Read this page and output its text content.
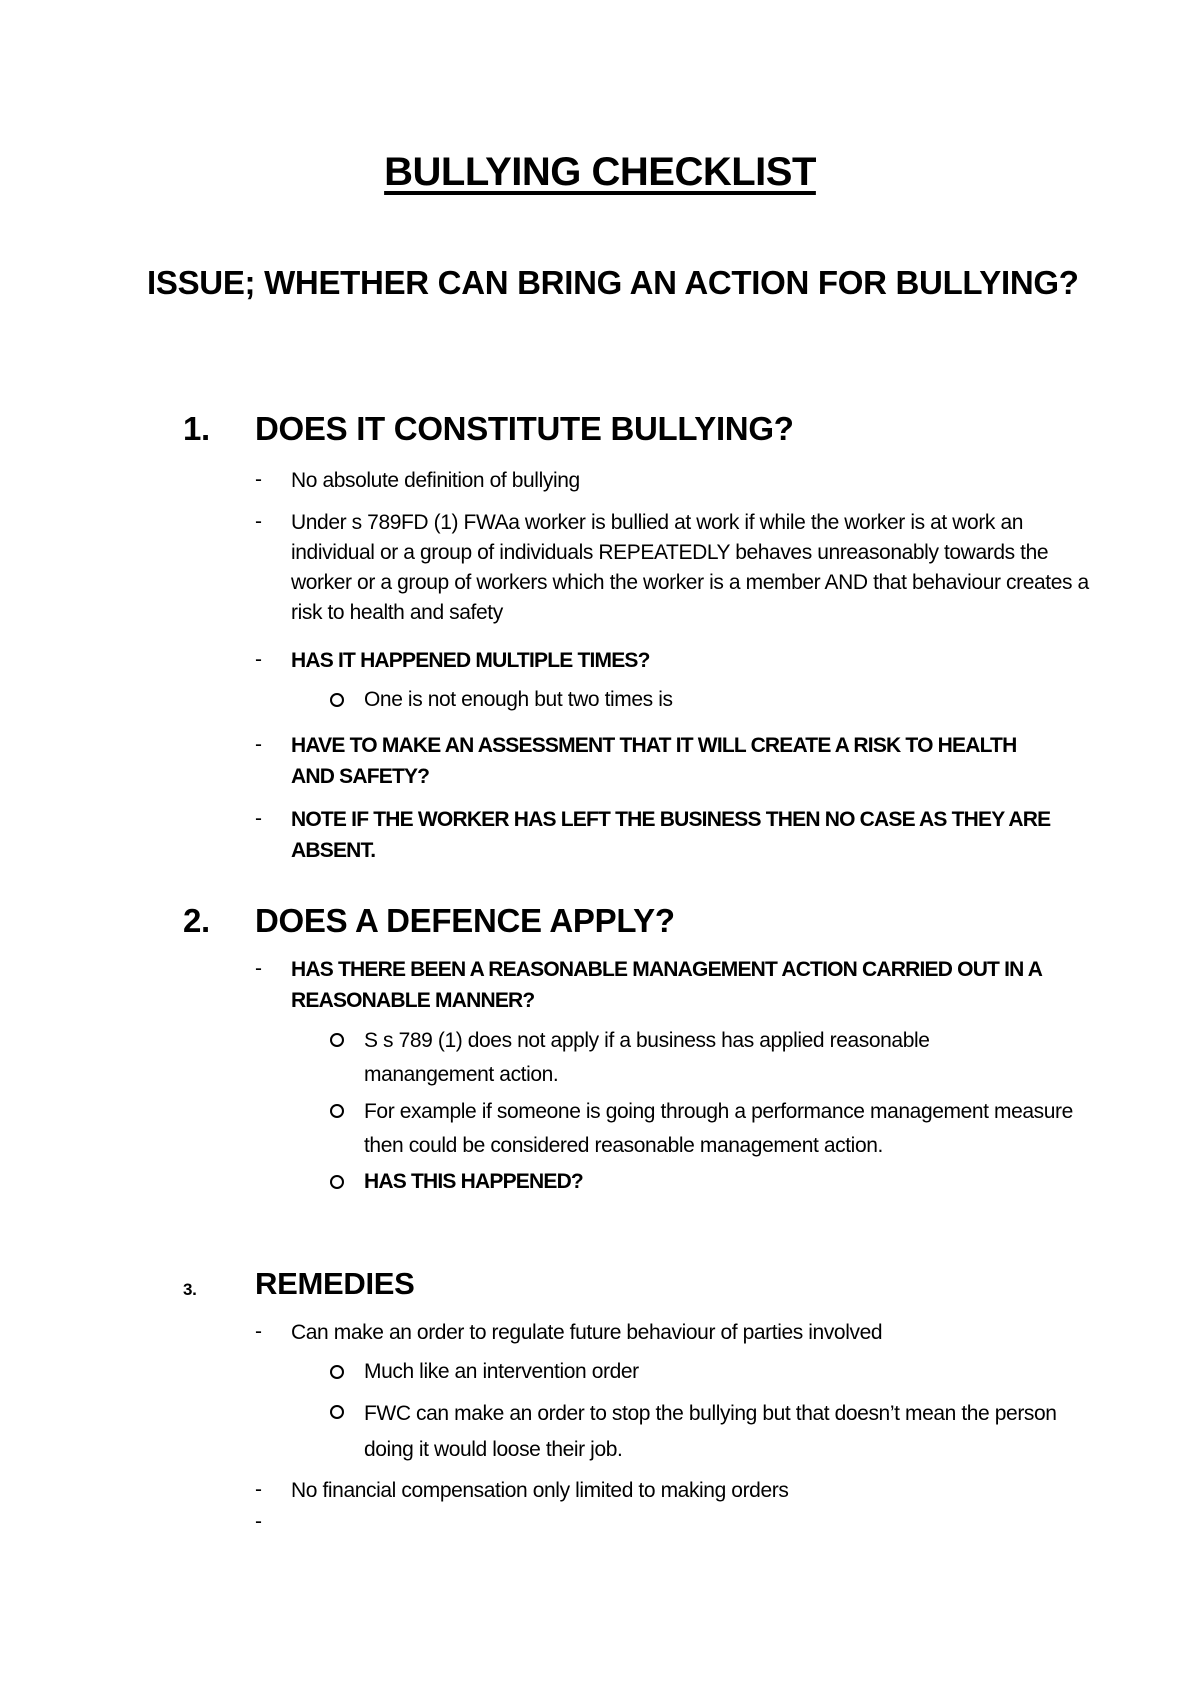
BULLYING CHECKLIST
ISSUE; WHETHER CAN BRING AN ACTION FOR BULLYING?
1. DOES IT CONSTITUTE BULLYING?
- No absolute definition of bullying
- Under s 789FD (1) FWAa worker is bullied at work if while the worker is at work an individual or a group of individuals REPEATEDLY behaves unreasonably towards the worker or a group of workers which the worker is a member AND that behaviour creates a risk to health and safety
- HAS IT HAPPENED MULTIPLE TIMES?
One is not enough but two times is
- HAVE TO MAKE AN ASSESSMENT THAT IT WILL CREATE A RISK TO HEALTH AND SAFETY?
- NOTE IF THE WORKER HAS LEFT THE BUSINESS THEN NO CASE AS THEY ARE ABSENT.
2. DOES A DEFENCE APPLY?
- HAS THERE BEEN A REASONABLE MANAGEMENT ACTION CARRIED OUT IN A REASONABLE MANNER?
S s 789 (1) does not apply if a business has applied reasonable manangement action.
For example if someone is going through a performance management measure then could be considered reasonable management action.
HAS THIS HAPPENED?
3. REMEDIES
- Can make an order to regulate future behaviour of parties involved
Much like an intervention order
FWC can make an order to stop the bullying but that doesn’t mean the person doing it would loose their job.
- No financial compensation only limited to making orders
-
